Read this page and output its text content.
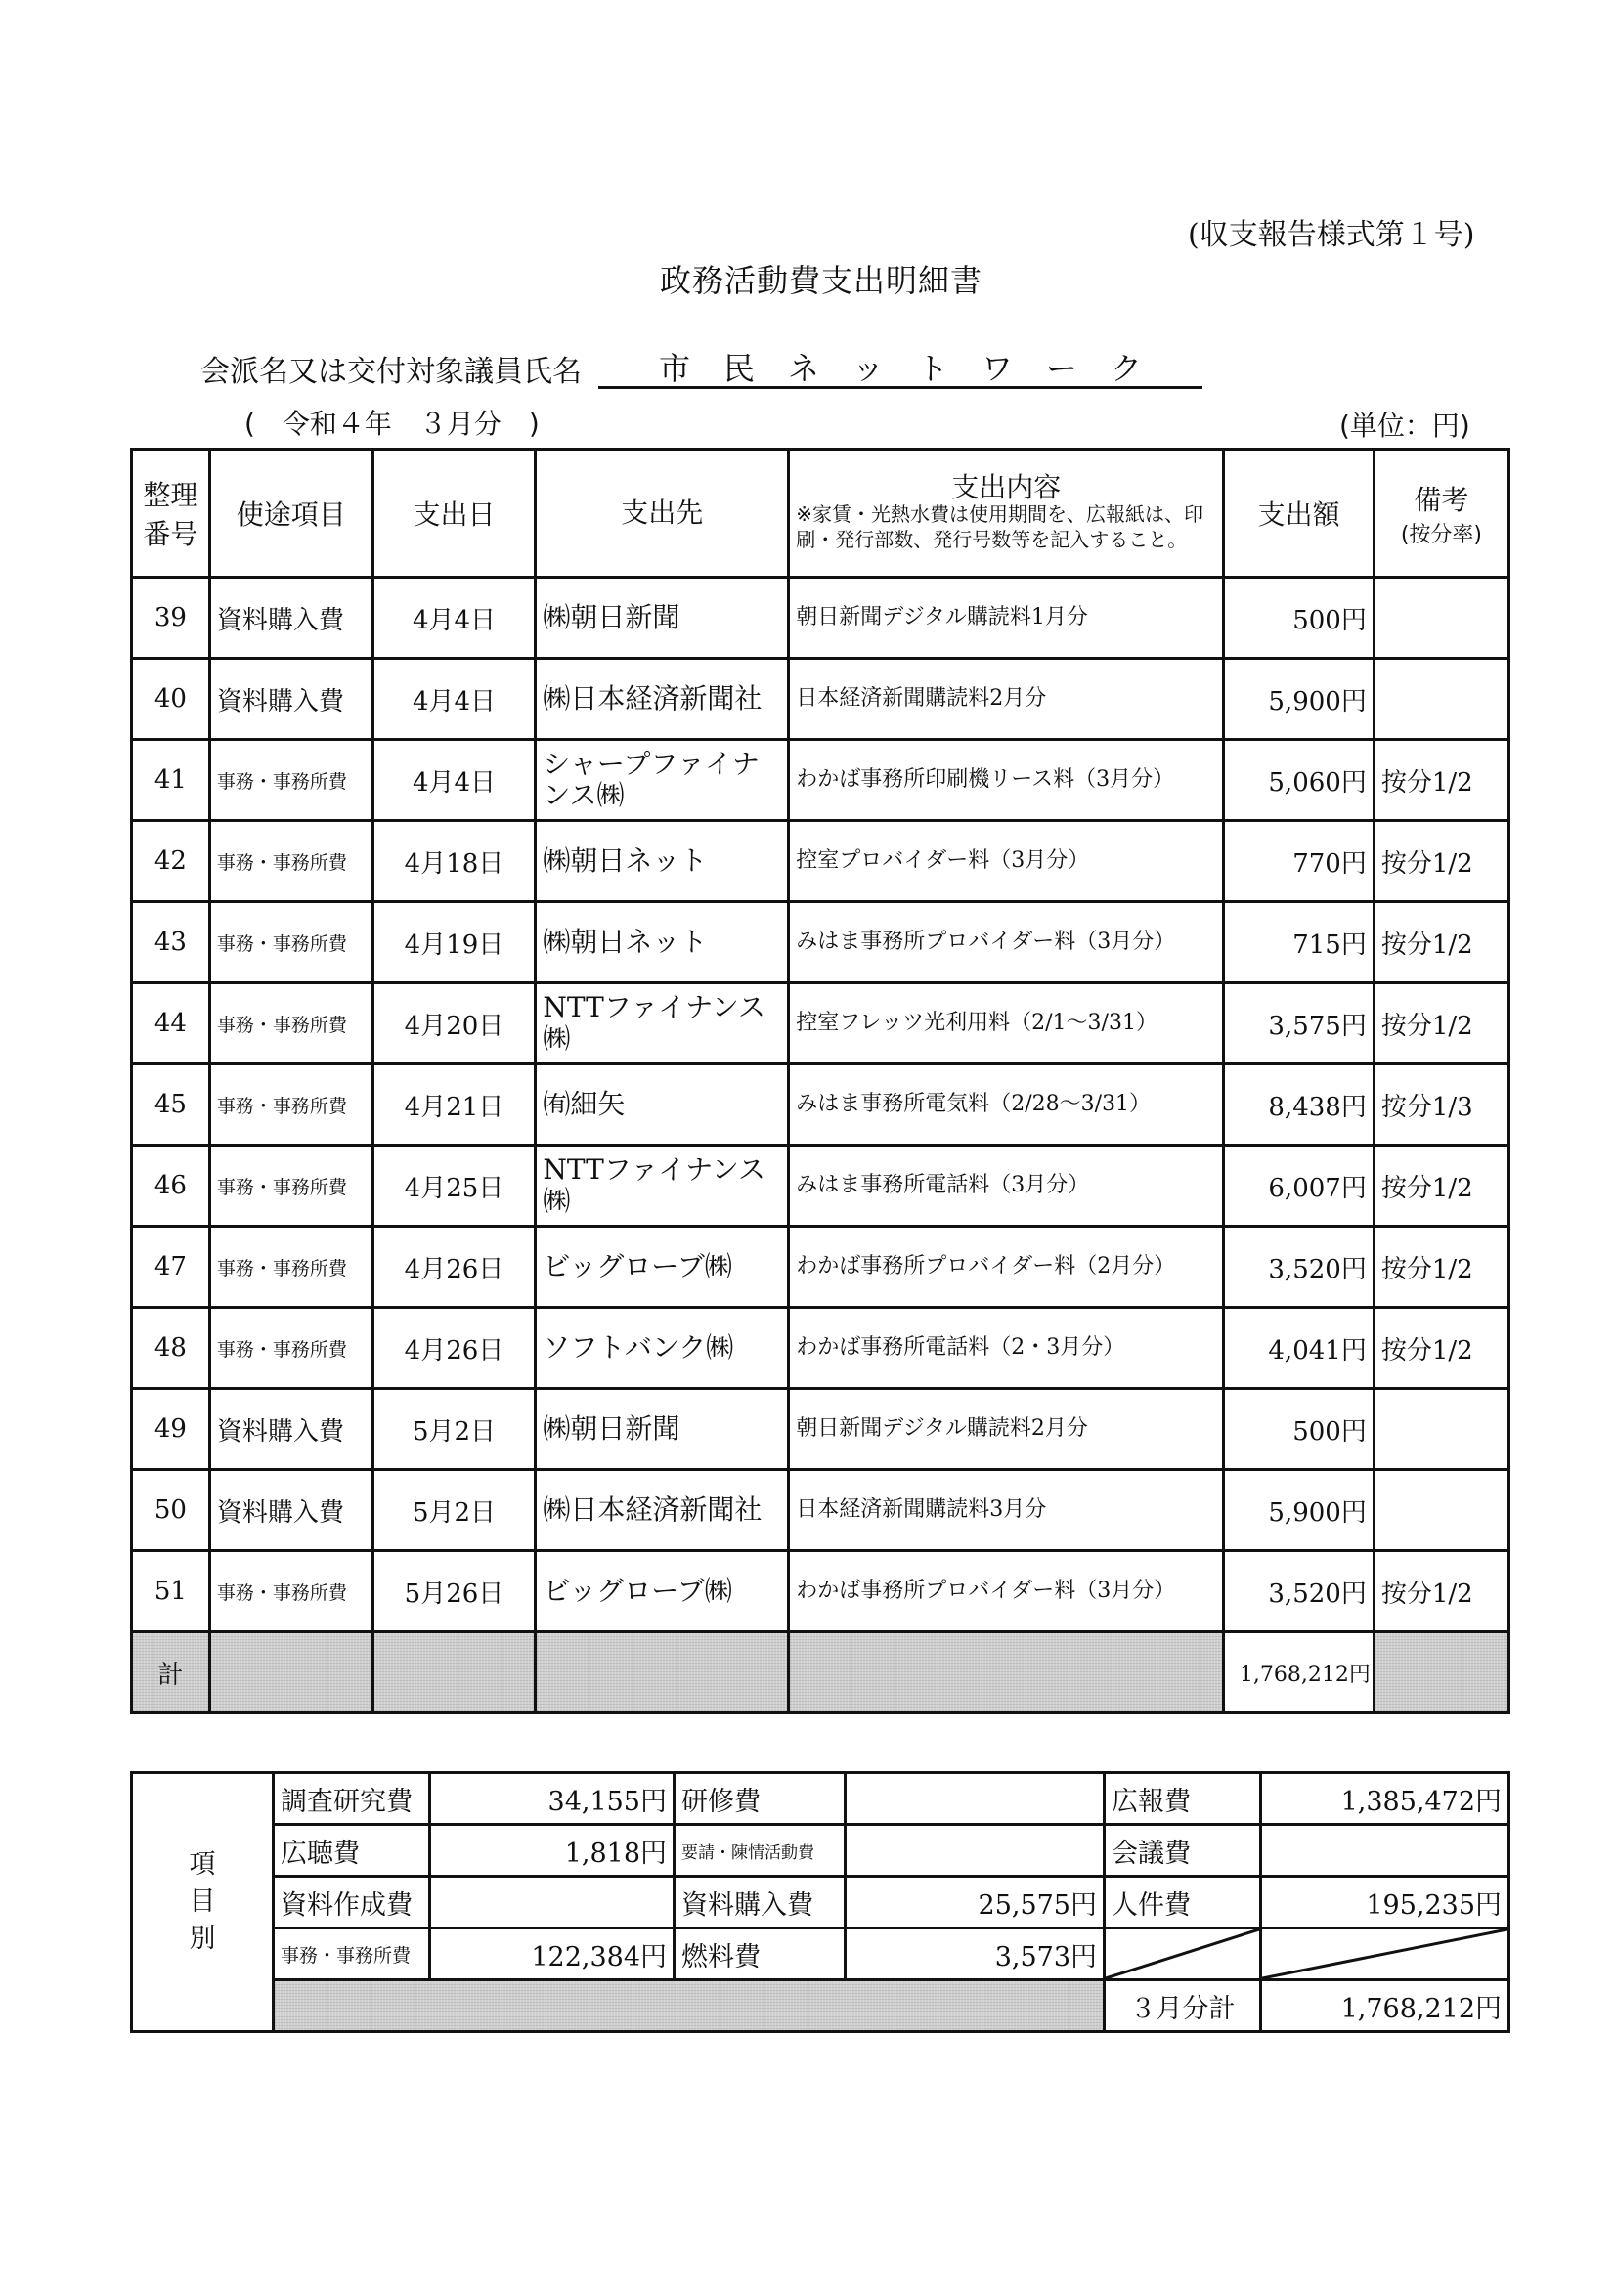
(収支報告様式第１号)
政務活動費支出明細書
会派名又は交付対象議員氏名	市民ネットワーク
(　令和４年　３月分　)	(単位：円)
整理番号	使途項目	支出日	支出先	支出内容
※家賃・光熱水費は使用期間を、広報紙は、印刷・発行部数、発行号数等を記入すること。	支出額	備考
(按分率)

39	資料購入費	4月4日	㈱朝日新聞	朝日新聞デジタル購読料1月分	500円	
40	資料購入費	4月4日	㈱日本経済新聞社	日本経済新聞購読料2月分	5,900円	
41	事務・事務所費	4月4日	シャープファイナンス㈱	わかば事務所印刷機リース料（3月分）	5,060円	按分1/2
42	事務・事務所費	4月18日	㈱朝日ネット	控室プロバイダー料（3月分）	770円	按分1/2
43	事務・事務所費	4月19日	㈱朝日ネット	みはま事務所プロバイダー料（3月分）	715円	按分1/2
44	事務・事務所費	4月20日	NTTファイナンス㈱	控室フレッツ光利用料（2/1～3/31）	3,575円	按分1/2
45	事務・事務所費	4月21日	㈲細矢	みはま事務所電気料（2/28～3/31）	8,438円	按分1/3
46	事務・事務所費	4月25日	NTTファイナンス㈱	みはま事務所電話料（3月分）	6,007円	按分1/2
47	事務・事務所費	4月26日	ビッグローブ㈱	わかば事務所プロバイダー料（2月分）	3,520円	按分1/2
48	事務・事務所費	4月26日	ソフトバンク㈱	わかば事務所電話料（2・3月分）	4,041円	按分1/2
49	資料購入費	5月2日	㈱朝日新聞	朝日新聞デジタル購読料2月分	500円	
50	資料購入費	5月2日	㈱日本経済新聞社	日本経済新聞購読料3月分	5,900円	
51	事務・事務所費	5月26日	ビッグローブ㈱	わかば事務所プロバイダー料（3月分）	3,520円	按分1/2
計					1,768,212円	
項
目
別	調査研究費	34,155円	研修費		広報費	1,385,472円
	広聴費	1,818円	要請・陳情活動費		会議費	
	資料作成費		資料購入費	25,575円	人件費	195,235円
	事務・事務所費	122,384円	燃料費	3,573円	

					３月分計	1,768,212円
